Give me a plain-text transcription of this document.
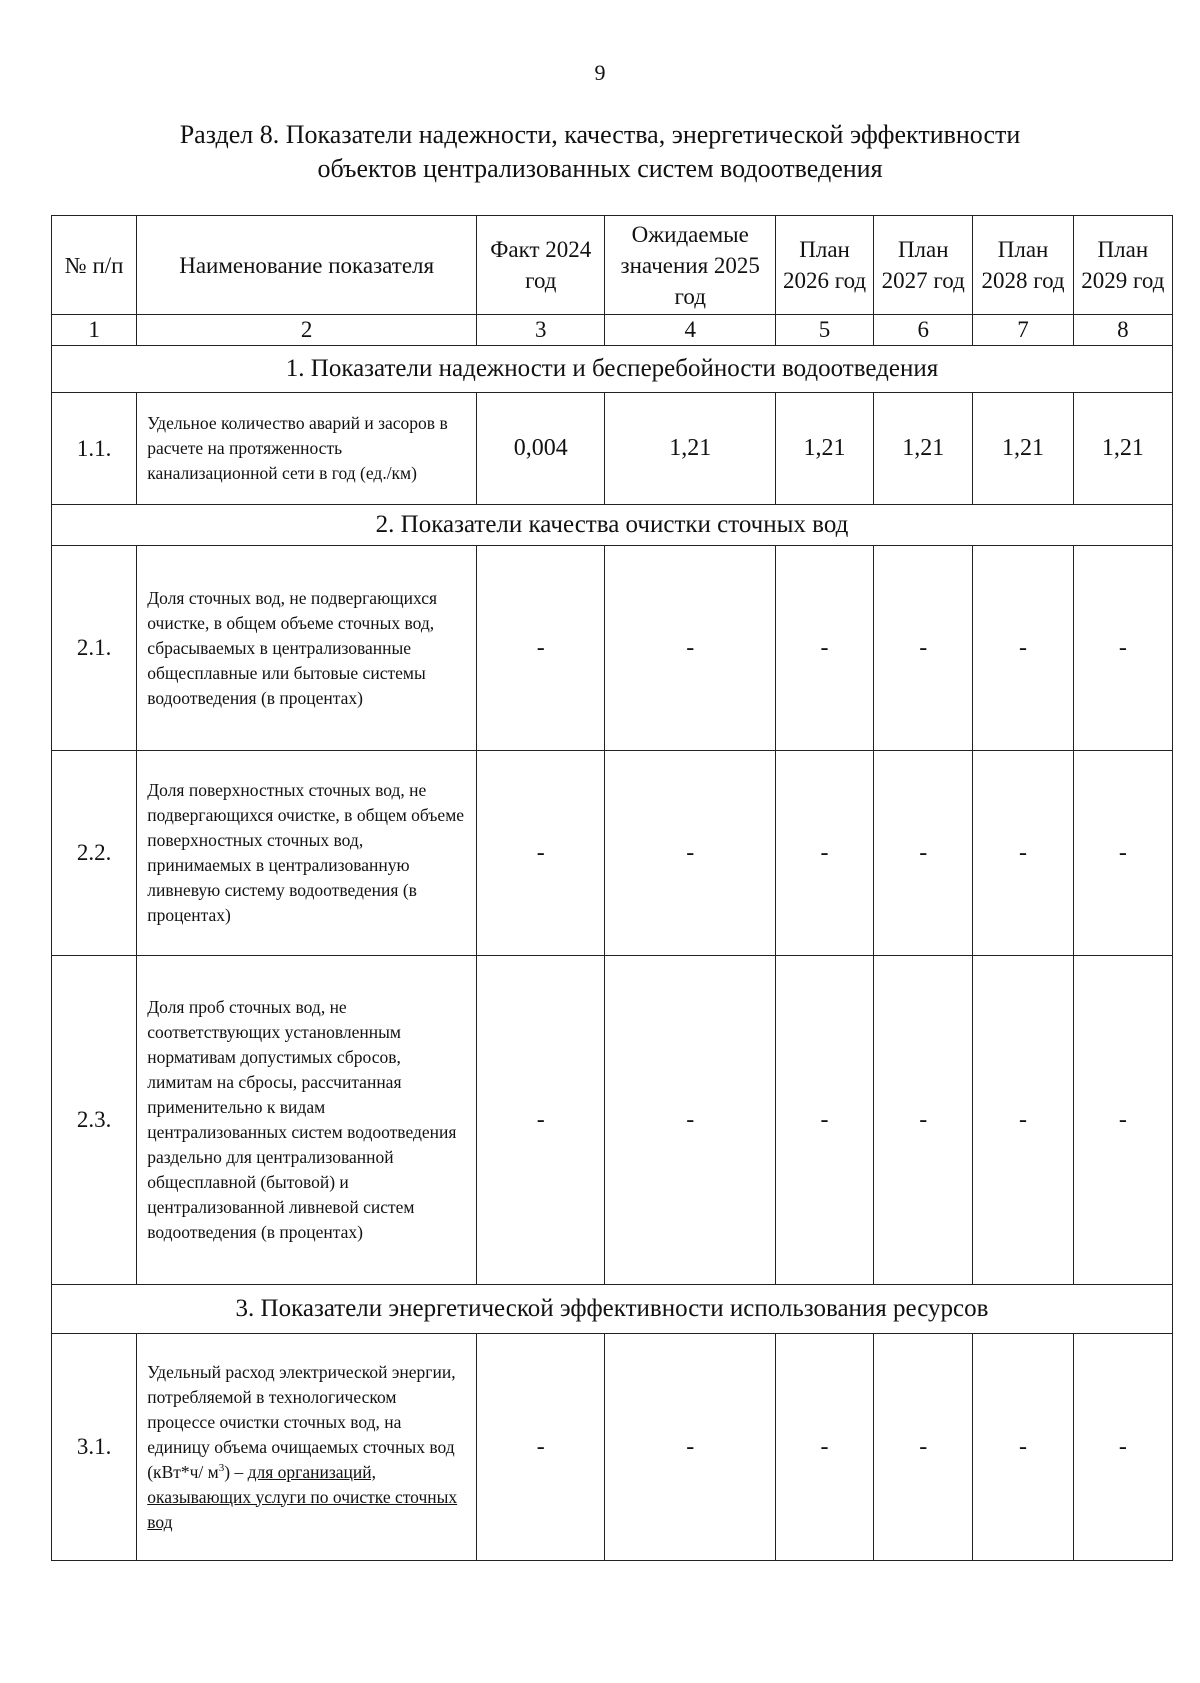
9
Раздел 8. Показатели надежности, качества, энергетической эффективности
объектов централизованных систем водоотведения
№ п/п	Наименование показателя	Факт 2024 год	Ожидаемые значения 2025 год	План 2026 год	План 2027 год	План 2028 год	План 2029 год
1	2	3	4	5	6	7	8
1. Показатели надежности и бесперебойности водоотведения							
1.1.	Удельное количество аварий и засоров в расчете на протяженность канализационной сети в год (ед./км)	0,004	1,21	1,21	1,21	1,21	1,21
2. Показатели качества очистки сточных вод							
2.1.	Доля сточных вод, не подвергающихся очистке, в общем объеме сточных вод, сбрасываемых в централизованные общесплавные или бытовые системы водоотведения (в процентах)	-	-	-	-	-	-
2.2.	Доля поверхностных сточных вод, не подвергающихся очистке, в общем объеме поверхностных сточных вод, принимаемых в централизованную ливневую систему водоотведения (в процентах)	-	-	-	-	-	-
2.3.	Доля проб сточных вод, не соответствующих установленным нормативам допустимых сбросов, лимитам на сбросы, рассчитанная применительно к видам централизованных систем водоотведения раздельно для централизованной общесплавной (бытовой) и централизованной ливневой систем водоотведения (в процентах)	-	-	-	-	-	-
3. Показатели энергетической эффективности использования ресурсов							
3.1.	Удельный расход электрической энергии, потребляемой в технологическом процессе очистки сточных вод, на единицу объема очищаемых сточных вод (кВт*ч/ $м^3$) – для организаций, оказывающих услуги по очистке сточных вод	-	-	-	-	-	-
